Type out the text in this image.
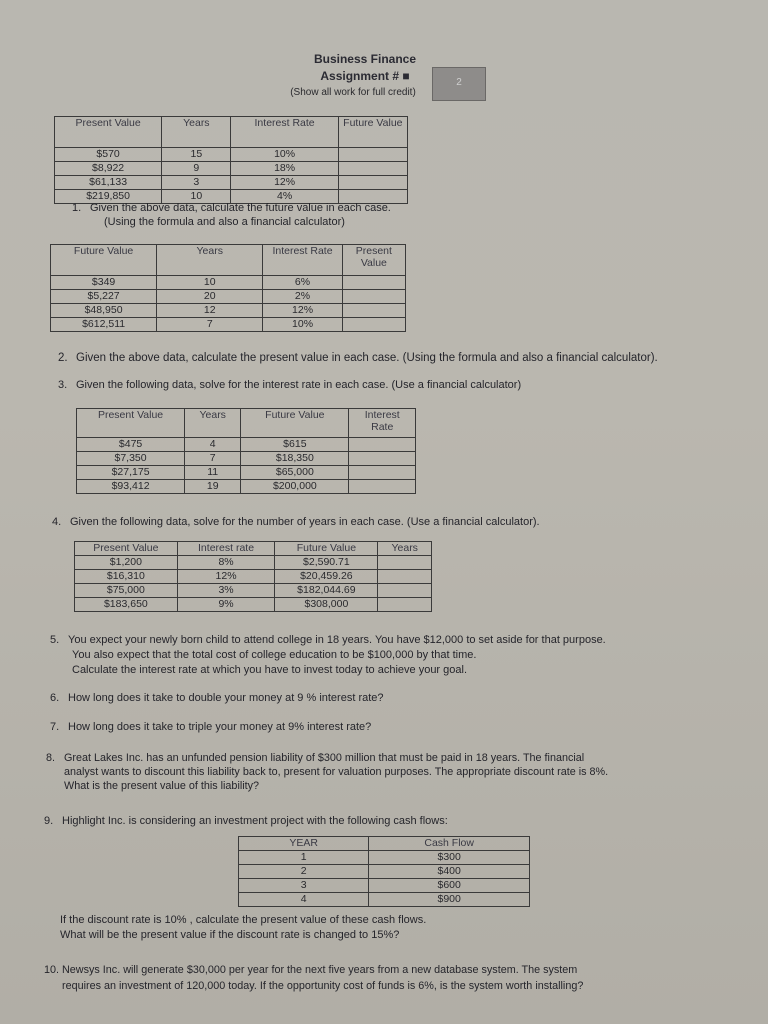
Business Finance
Assignment # ■
(Show all work for full credit)
2
Present Value	Years	Interest Rate	Future Value
$570	15	10%	
$8,922	9	18%	
$61,133	3	12%	
$219,850	10	4%	
1. Given the above data, calculate the future value in each case.
(Using the formula and also a financial calculator)
Future Value	Years	Interest Rate	Present Value
$349	10	6%	
$5,227	20	2%	
$48,950	12	12%	
$612,511	7	10%	
2. Given the above data, calculate the present value in each case. (Using the formula and also a financial calculator).
3. Given the following data, solve for the interest rate in each case. (Use a financial calculator)
Present Value	Years	Future Value	Interest Rate
$475	4	$615	
$7,350	7	$18,350	
$27,175	11	$65,000	
$93,412	19	$200,000	
4. Given the following data, solve for the number of years in each case. (Use a financial calculator).
Present Value	Interest rate	Future Value	Years
$1,200	8%	$2,590.71	
$16,310	12%	$20,459.26	
$75,000	3%	$182,044.69	
$183,650	9%	$308,000	
5. You expect your newly born child to attend college in 18 years. You have $12,000 to set aside for that purpose.
You also expect that the total cost of college education to be $100,000 by that time.
Calculate the interest rate at which you have to invest today to achieve your goal.
6. How long does it take to double your money at 9 % interest rate?
7. How long does it take to triple your money at 9% interest rate?
8. Great Lakes Inc. has an unfunded pension liability of $300 million that must be paid in 18 years. The financial
analyst wants to discount this liability back to, present for valuation purposes. The appropriate discount rate is 8%.
What is the present value of this liability?
9. Highlight Inc. is considering an investment project with the following cash flows:
YEAR	Cash Flow
1	$300
2	$400
3	$600
4	$900
If the discount rate is 10% , calculate the present value of these cash flows.
What will be the present value if the discount rate is changed to 15%?
10. Newsys Inc. will generate $30,000 per year for the next five years from a new database system. The system
requires an investment of 120,000 today. If the opportunity cost of funds is 6%, is the system worth installing?
